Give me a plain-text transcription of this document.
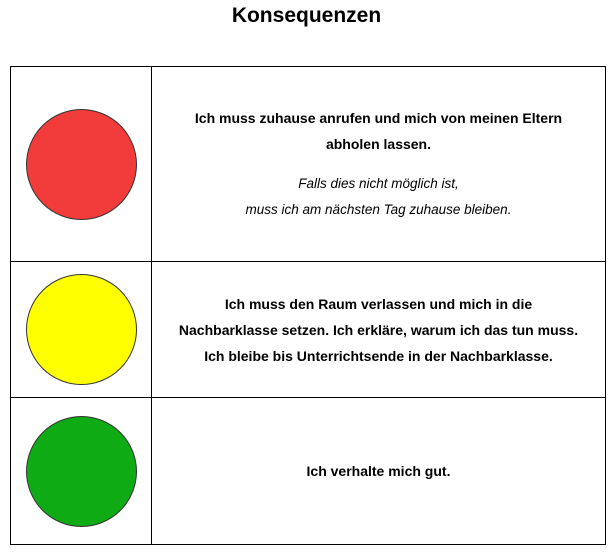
Konsequenzen

	Ich muss zuhause anrufen und mich von meinen Eltern
abholen lassen.
Falls dies nicht möglich ist,
muss ich am nächsten Tag zuhause bleiben.

	Ich muss den Raum verlassen und mich in die
Nachbarklasse setzen. Ich erkläre, warum ich das tun muss.
Ich bleibe bis Unterrichtsende in der Nachbarklasse.

	Ich verhalte mich gut.
